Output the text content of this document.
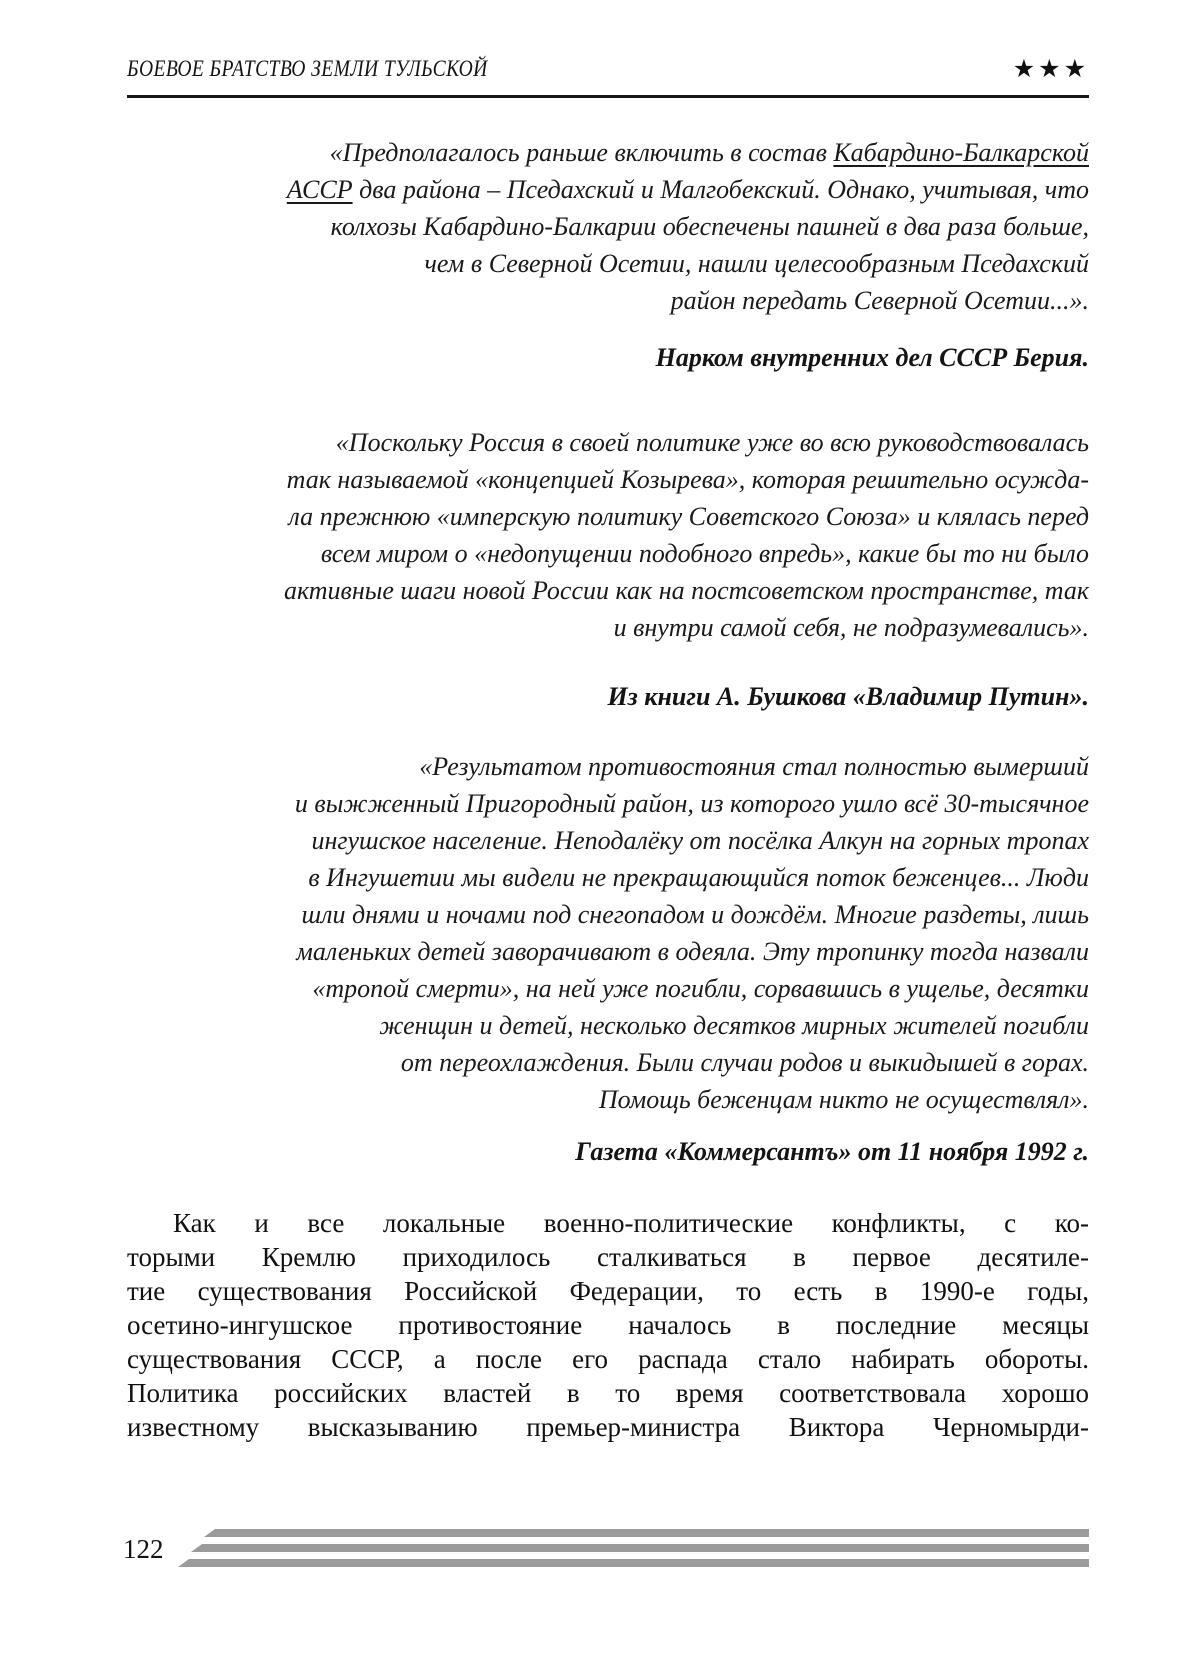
БОЕВОЕ БРАТСТВО ЗЕМЛИ ТУЛЬСКОЙ	★★★
«Предполагалось раньше включить в состав Кабардино-Балкарской
АССР два района – Пседахский и Малгобекский. Однако, учитывая, что
колхозы Кабардино-Балкарии обеспечены пашней в два раза больше,
чем в Северной Осетии, нашли целесообразным Пседахский
район передать Северной Осетии...».
Нарком внутренних дел СССР Берия.
«Поскольку Россия в своей политике уже во всю руководствовалась
так называемой «концепцией Козырева», которая решительно осужда-
ла прежнюю «имперскую политику Советского Союза» и клялась перед
всем миром о «недопущении подобного впредь», какие бы то ни было
активные шаги новой России как на постсоветском пространстве, так
и внутри самой себя, не подразумевались».
Из книги А. Бушкова «Владимир Путин».
«Результатом противостояния стал полностью вымерший
и выжженный Пригородный район, из которого ушло всё 30-тысячное
ингушское население. Неподалёку от посёлка Алкун на горных тропах
в Ингушетии мы видели не прекращающийся поток беженцев... Люди
шли днями и ночами под снегопадом и дождём. Многие раздеты, лишь
маленьких детей заворачивают в одеяла. Эту тропинку тогда назвали
«тропой смерти», на ней уже погибли, сорвавшись в ущелье, десятки
женщин и детей, несколько десятков мирных жителей погибли
от переохлаждения. Были случаи родов и выкидышей в горах.
Помощь беженцам никто не осуществлял».
Газета «Коммерсантъ» от 11 ноября 1992 г.
Как и все локальные военно-политические конфликты, с ко-
торыми Кремлю приходилось сталкиваться в первое десятиле-
тие существования Российской Федерации, то есть в 1990-е годы,
осетино-ингушское противостояние началось в последние месяцы
существования СССР, а после его распада стало набирать обороты.
Политика российских властей в то время соответствовала хорошо
известному высказыванию премьер-министра Виктора Черномырди-
122
